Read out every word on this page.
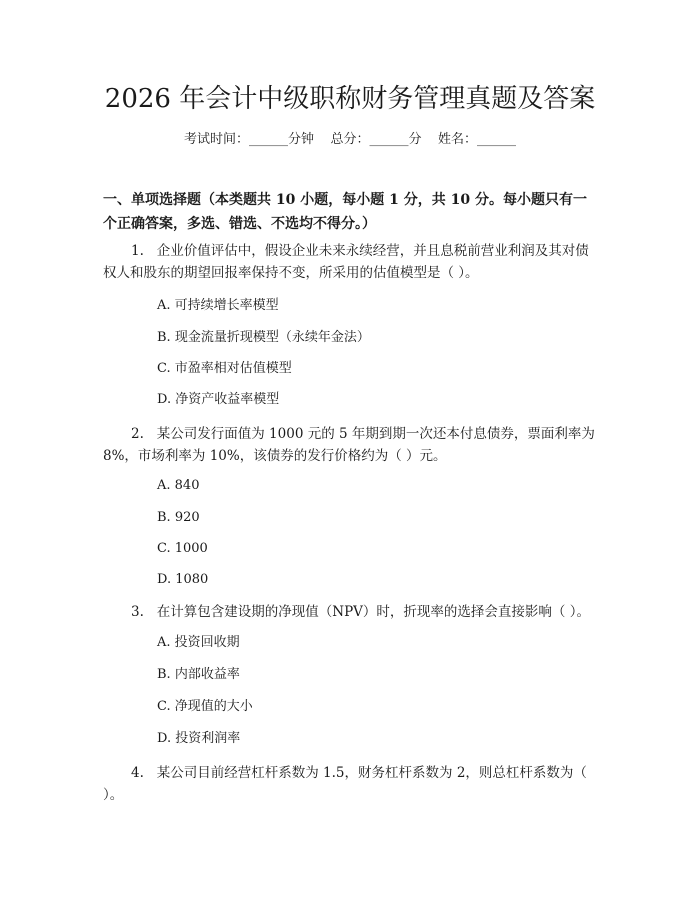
2026 年会计中级职称财务管理真题及答案
考试时间：______分钟    总分：______分    姓名：______
一、单项选择题（本类题共 10 小题，每小题 1 分，共 10 分。每小题只有一个正确答案，多选、错选、不选均不得分。）

1. 企业价值评估中，假设企业未来永续经营，并且息税前营业利润及其对债权人和股东的期望回报率保持不变，所采用的估值模型是（ ）。

A. 可持续增长率模型
B. 现金流量折现模型（永续年金法）
C. 市盈率相对估值模型
D. 净资产收益率模型

2. 某公司发行面值为 1000 元的 5 年期到期一次还本付息债券，票面利率为 8%，市场利率为 10%，该债券的发行价格约为（ ）元。

A. 840
B. 920
C. 1000
D. 1080

3. 在计算包含建设期的净现值（NPV）时，折现率的选择会直接影响（ ）。

A. 投资回收期
B. 内部收益率
C. 净现值的大小
D. 投资利润率

4. 某公司目前经营杠杆系数为 1.5，财务杠杆系数为 2，则总杠杆系数为（ ）。
